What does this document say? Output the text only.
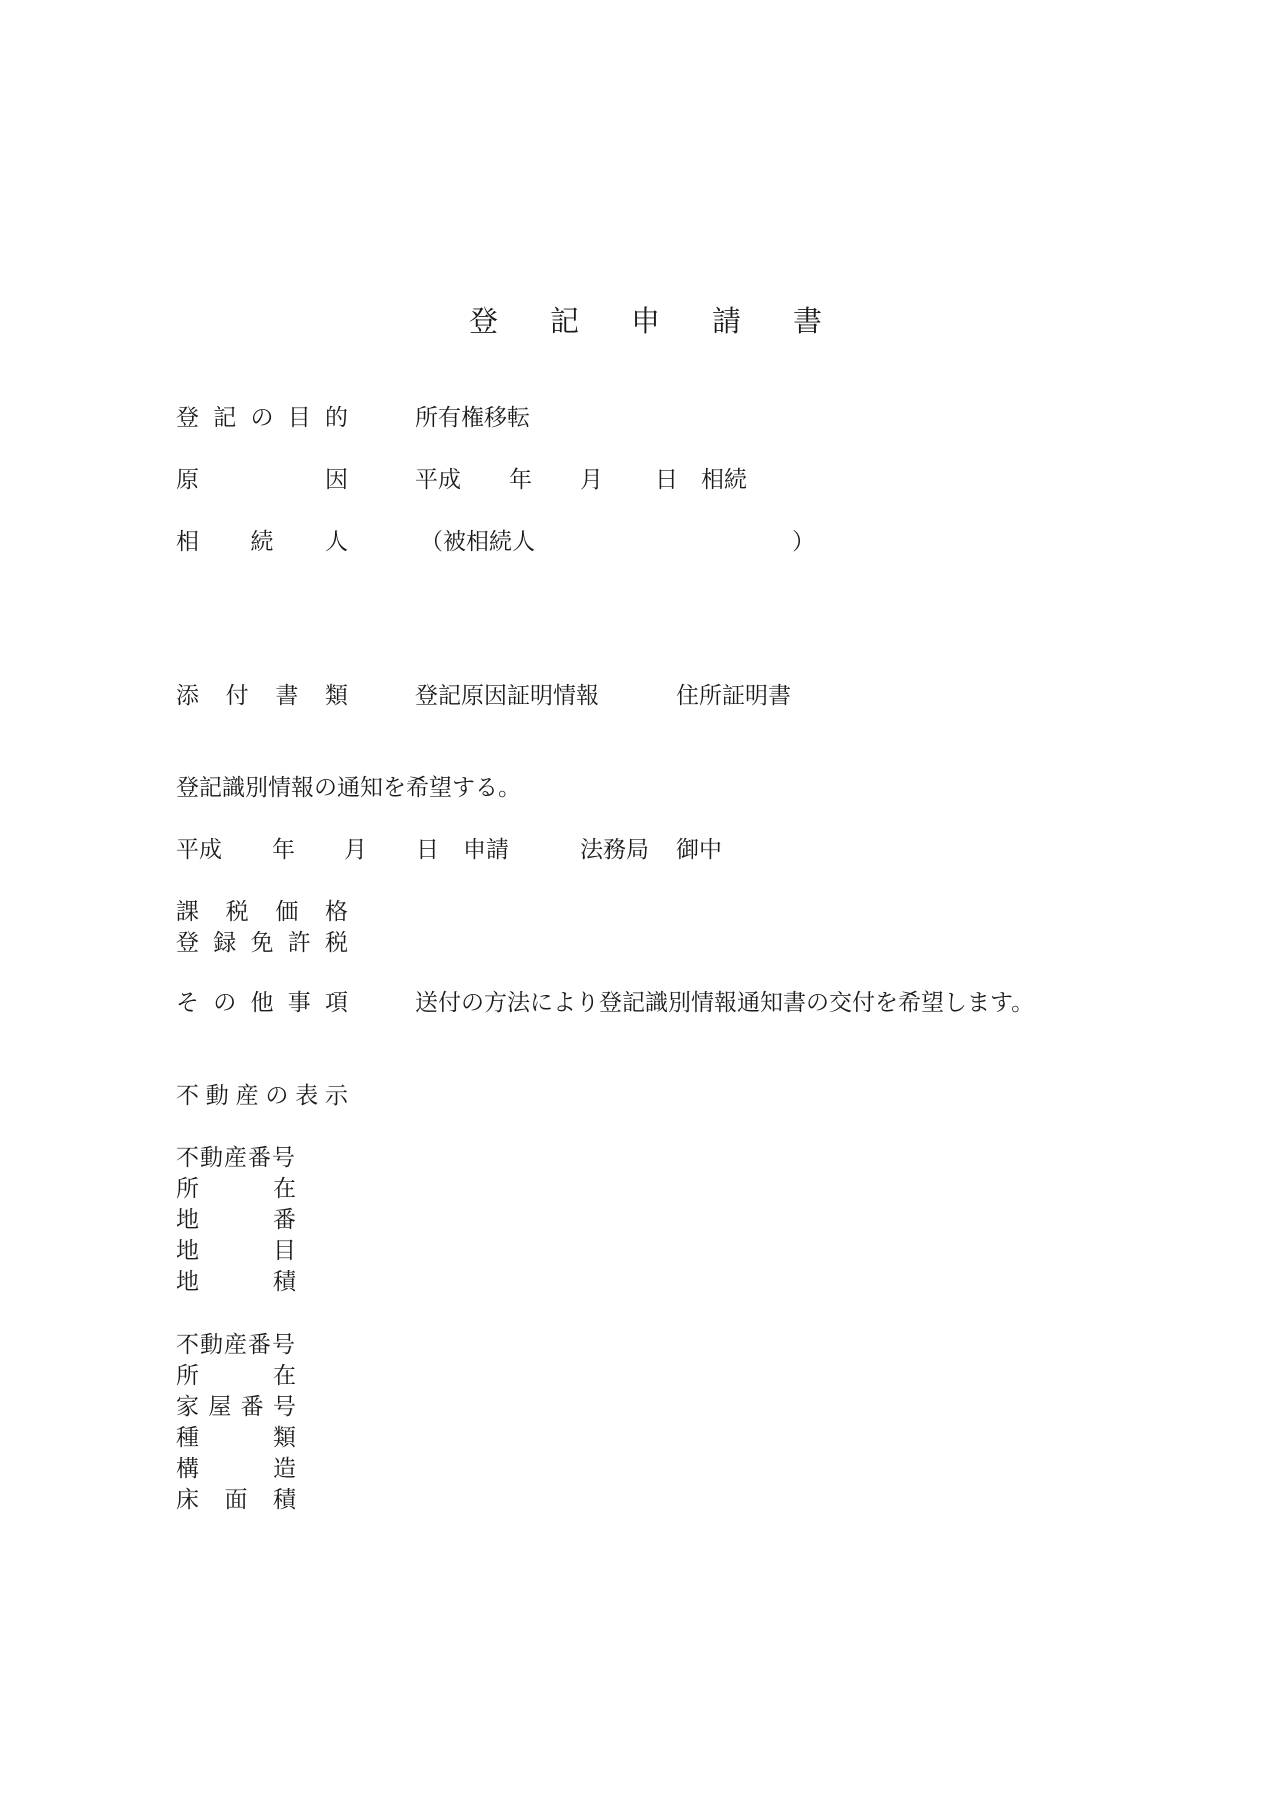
登 記 申 請 書
登 記 の 目 的	所有権移転
原	因	平成 年 月 日 相続
相 続 人	（被相続人	）
添 付 書 類	登記原因証明情報	住所証明書
登記識別情報の通知を希望する。
平成 年 月 日 申請	法務局 御中
課 税 価 格
登 録 免 許 税
そ の 他 事 項	送付の方法により登記識別情報通知書の交付を希望します。
不 動 産 の 表 示
不動産番号
所	在
地	番
地	目
地	積
不動産番号
所	在
家 屋 番 号
種	類
構	造
床 面 積
